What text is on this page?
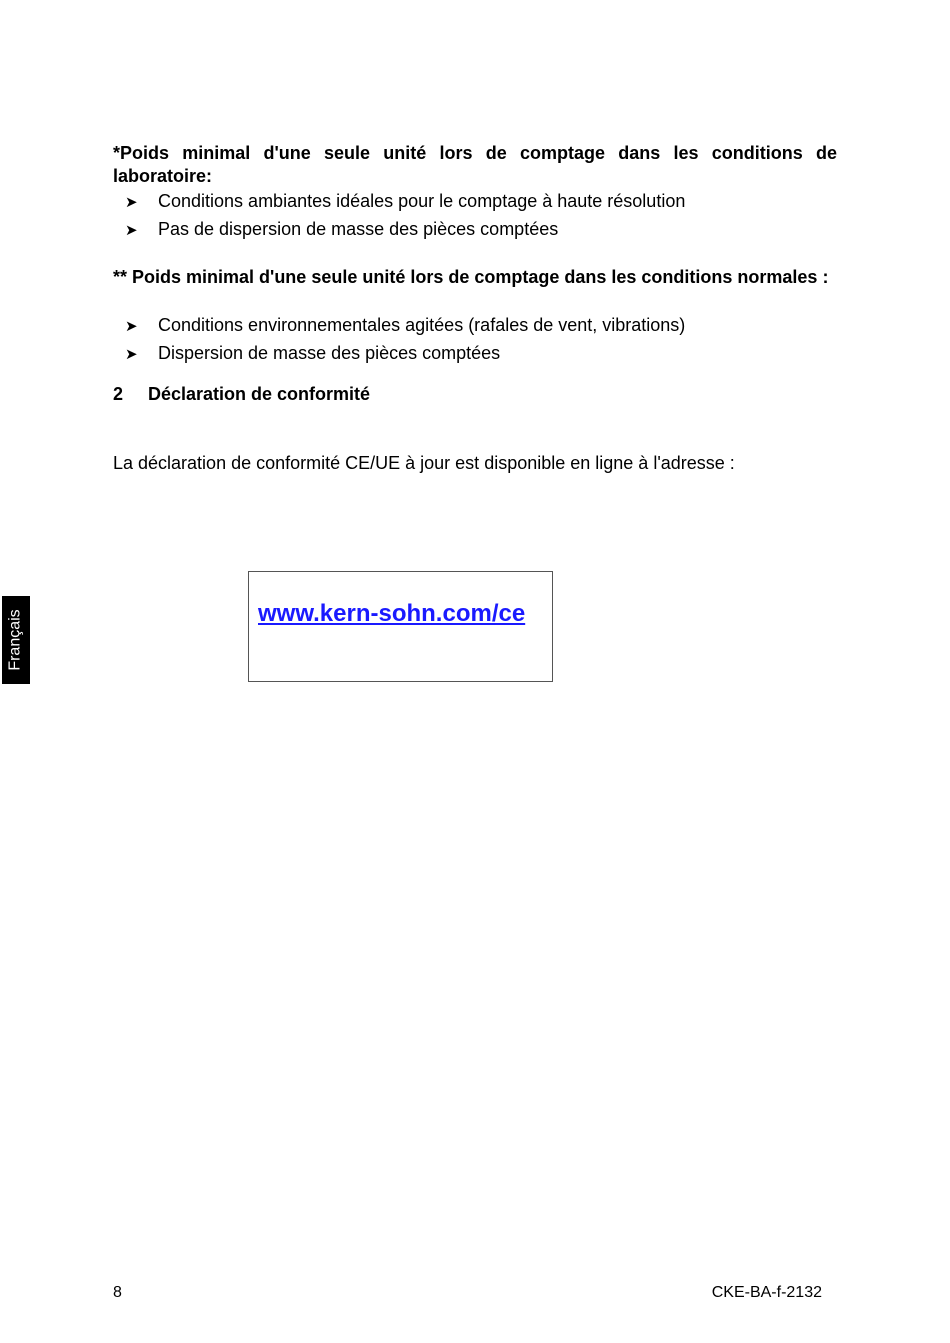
*Poids minimal d'une seule unité lors de comptage dans les conditions de laboratoire:

➤	Conditions ambiantes idéales pour le comptage à haute résolution
➤	Pas de dispersion de masse des pièces comptées

** Poids minimal d'une seule unité lors de comptage dans les conditions normales :

➤	Conditions environnementales agitées (rafales de vent, vibrations)
➤	Dispersion de masse des pièces comptées
2	Déclaration de conformité

La déclaration de conformité CE/UE à jour est disponible en ligne à l'adresse :

www.kern-sohn.com/ce
Français
8	CKE-BA-f-2132
